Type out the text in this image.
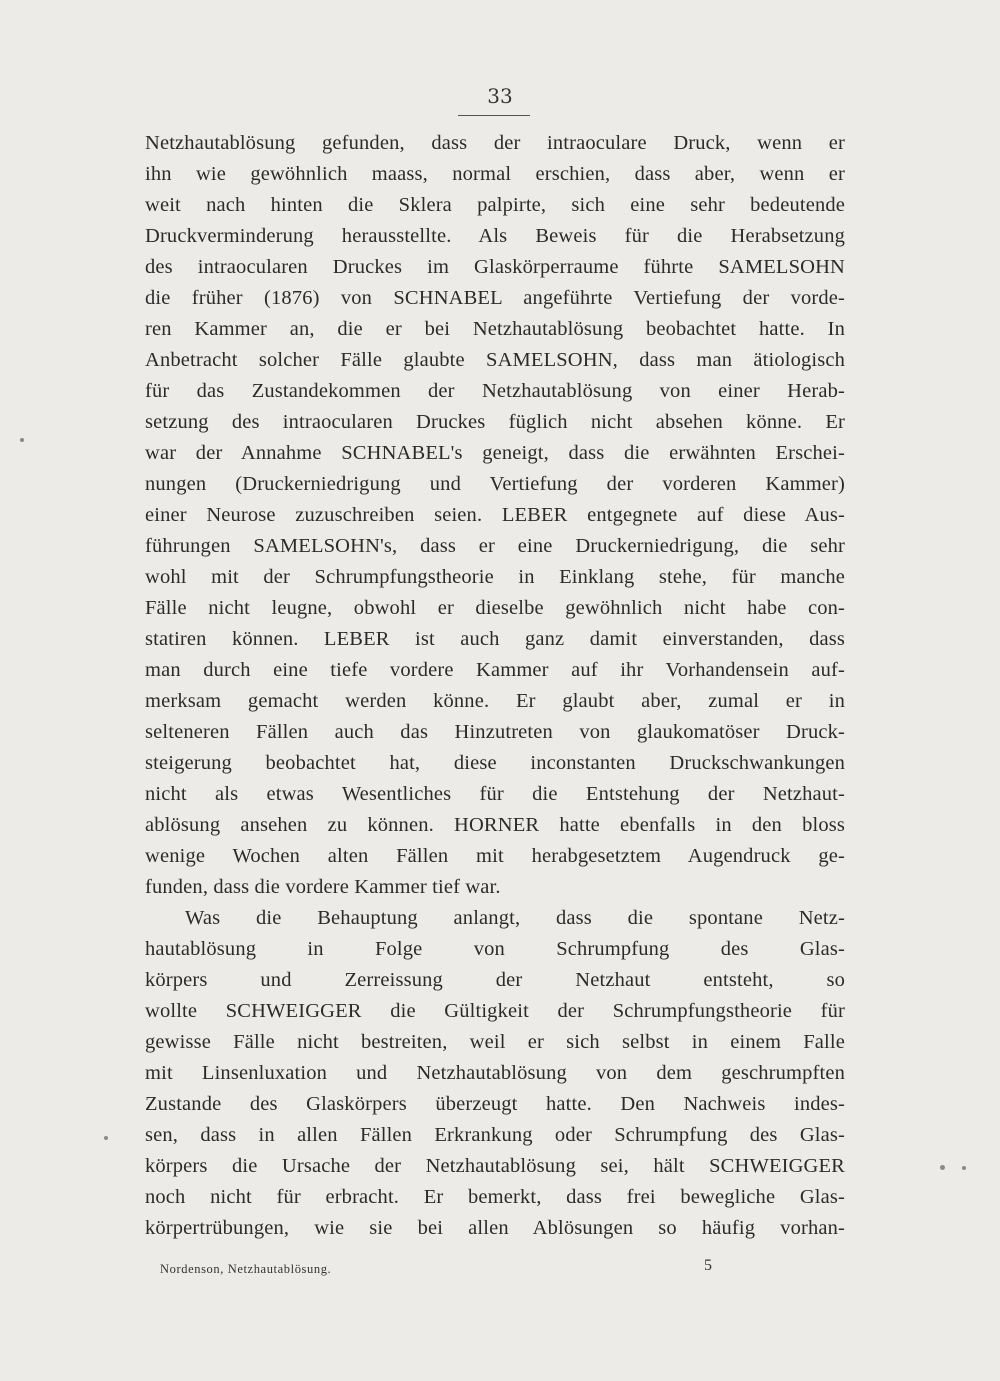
33
Netzhautablösung gefunden, dass der intraoculare Druck, wenn er
ihn wie gewöhnlich maass, normal erschien, dass aber, wenn er
weit nach hinten die Sklera palpirte, sich eine sehr bedeutende
Druckverminderung herausstellte. Als Beweis für die Herabsetzung
des intraocularen Druckes im Glaskörperraume führte SAMELSOHN
die früher (1876) von SCHNABEL angeführte Vertiefung der vorde-
ren Kammer an, die er bei Netzhautablösung beobachtet hatte. In
Anbetracht solcher Fälle glaubte SAMELSOHN, dass man ätiologisch
für das Zustandekommen der Netzhautablösung von einer Herab-
setzung des intraocularen Druckes füglich nicht absehen könne. Er
war der Annahme SCHNABEL's geneigt, dass die erwähnten Erschei-
nungen (Druckerniedrigung und Vertiefung der vorderen Kammer)
einer Neurose zuzuschreiben seien. LEBER entgegnete auf diese Aus-
führungen SAMELSOHN's, dass er eine Druckerniedrigung, die sehr
wohl mit der Schrumpfungstheorie in Einklang stehe, für manche
Fälle nicht leugne, obwohl er dieselbe gewöhnlich nicht habe con-
statiren können. LEBER ist auch ganz damit einverstanden, dass
man durch eine tiefe vordere Kammer auf ihr Vorhandensein auf-
merksam gemacht werden könne. Er glaubt aber, zumal er in
selteneren Fällen auch das Hinzutreten von glaukomatöser Druck-
steigerung beobachtet hat, diese inconstanten Druckschwankungen
nicht als etwas Wesentliches für die Entstehung der Netzhaut-
ablösung ansehen zu können. HORNER hatte ebenfalls in den bloss
wenige Wochen alten Fällen mit herabgesetztem Augendruck ge-
funden, dass die vordere Kammer tief war.
Was die Behauptung anlangt, dass die spontane Netz-
hautablösung in Folge von Schrumpfung des Glas-
körpers und Zerreissung der Netzhaut entsteht, so
wollte SCHWEIGGER die Gültigkeit der Schrumpfungstheorie für
gewisse Fälle nicht bestreiten, weil er sich selbst in einem Falle
mit Linsenluxation und Netzhautablösung von dem geschrumpften
Zustande des Glaskörpers überzeugt hatte. Den Nachweis indes-
sen, dass in allen Fällen Erkrankung oder Schrumpfung des Glas-
körpers die Ursache der Netzhautablösung sei, hält SCHWEIGGER
noch nicht für erbracht. Er bemerkt, dass frei bewegliche Glas-
körpertrübungen, wie sie bei allen Ablösungen so häufig vorhan-
Nordenson, Netzhautablösung.	5
